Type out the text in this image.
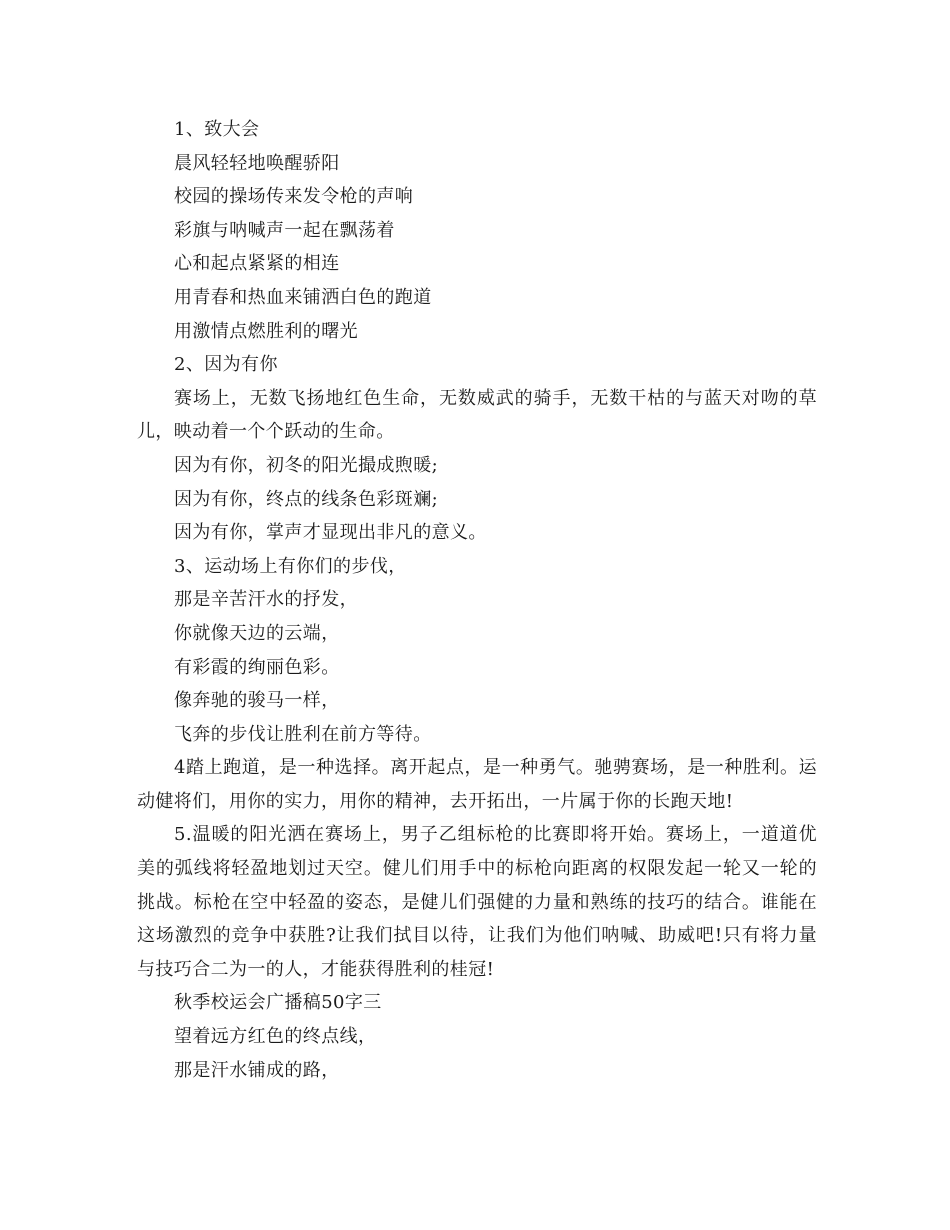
1、致大会

晨风轻轻地唤醒骄阳

校园的操场传来发令枪的声响

彩旗与呐喊声一起在飘荡着

心和起点紧紧的相连

用青春和热血来铺洒白色的跑道

用激情点燃胜利的曙光

2、因为有你

赛场上，无数飞扬地红色生命，无数威武的骑手，无数干枯的与蓝天对吻的草儿，映动着一个个跃动的生命。

因为有你，初冬的阳光撮成煦暖;

因为有你，终点的线条色彩斑斓;

因为有你，掌声才显现出非凡的意义。

3、运动场上有你们的步伐，

那是辛苦汗水的抒发，

你就像天边的云端，

有彩霞的绚丽色彩。

像奔驰的骏马一样，

飞奔的步伐让胜利在前方等待。

4踏上跑道，是一种选择。离开起点，是一种勇气。驰骋赛场，是一种胜利。运动健将们，用你的实力，用你的精神，去开拓出，一片属于你的长跑天地!

5.温暖的阳光洒在赛场上，男子乙组标枪的比赛即将开始。赛场上，一道道优美的弧线将轻盈地划过天空。健儿们用手中的标枪向距离的权限发起一轮又一轮的挑战。标枪在空中轻盈的姿态，是健儿们强健的力量和熟练的技巧的结合。谁能在这场激烈的竞争中获胜?让我们拭目以待，让我们为他们呐喊、助威吧!只有将力量与技巧合二为一的人，才能获得胜利的桂冠!

秋季校运会广播稿50字三

望着远方红色的终点线，

那是汗水铺成的路，
